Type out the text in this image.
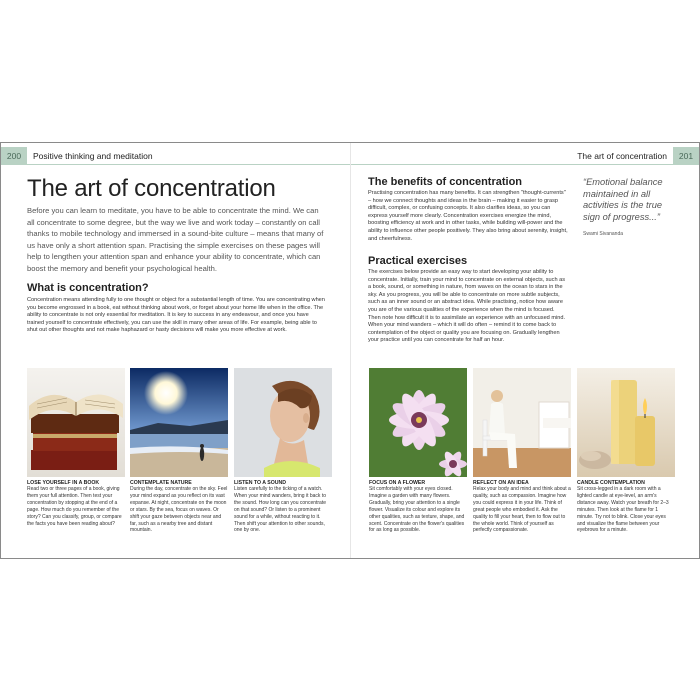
200	Positive thinking and meditation	The art of concentration	201
The art of concentration

Before you can learn to meditate, you have to be able to concentrate the mind. We can all concentrate to some degree, but the way we live and work today – constantly on call thanks to mobile technology and immersed in a sound-bite culture – means that many of us have only a short attention span. Practising the simple exercises on these pages will help to lengthen your attention span and enhance your ability to concentrate, which can boost the memory and benefit your psychological health.

What is concentration?

Concentration means attending fully to one thought or object for a substantial length of time. You are concentrating when you become engrossed in a book, eat without thinking about work, or forget about your home life when in the office. The ability to concentrate is not only essential for meditation. It is key to success in any endeavour, and once you have trained yourself to concentrate effectively, you can use the skill in many other areas of life. For example, being able to shut out other thoughts and not make haphazard or hasty decisions will make you more effective at work.

The benefits of concentration

Practising concentration has many benefits. It can strengthen "thought-currents" – how we connect thoughts and ideas in the brain – making it easier to grasp difficult, complex, or confusing concepts. It also clarifies ideas, so you can express yourself more clearly. Concentration exercises energize the mind, boosting efficiency at work and in other tasks, while building will-power and the ability to influence other people positively. They also bring about serenity, insight, and cheerfulness.

Practical exercises

The exercises below provide an easy way to start developing your ability to concentrate. Initially, train your mind to concentrate on external objects, such as a book, sound, or something in nature, from waves on the ocean to stars in the sky. As you progress, you will be able to concentrate on more subtle subjects, such as an inner sound or an abstract idea. While practising, notice how aware you are of the various qualities of the experience when the mind is focused. Then note how difficult it is to assimilate an experience with an unfocused mind. When your mind wanders – which it will do often – remind it to come back to contemplation of the object or quality you are focusing on. Gradually lengthen your practice until you can concentrate for half an hour.

“Emotional balance maintained in all activities is the true sign of progress...”
Swami Sivananda
LOSE YOURSELF IN A BOOK
Read two or three pages of a book, giving them your full attention. Then test your concentration by stopping at the end of a page. How much do you remember of the story? Can you classify, group, or compare the facts you have been reading about?
CONTEMPLATE NATURE
During the day, concentrate on the sky. Feel your mind expand as you reflect on its vast expanse. At night, concentrate on the moon or stars. By the sea, focus on waves. Or shift your gaze between objects near and far, such as a nearby tree and distant mountain.
LISTEN TO A SOUND
Listen carefully to the ticking of a watch. When your mind wanders, bring it back to the sound. How long can you concentrate on that sound? Or listen to a prominent sound for a while, without reacting to it. Then shift your attention to other sounds, one by one.
FOCUS ON A FLOWER
Sit comfortably with your eyes closed. Imagine a garden with many flowers. Gradually, bring your attention to a single flower. Visualize its colour and explore its other qualities, such as texture, shape, and scent. Concentrate on the flower's qualities for as long as possible.
REFLECT ON AN IDEA
Relax your body and mind and think about a quality, such as compassion. Imagine how you could express it in your life. Think of great people who embodied it. Ask the quality to fill your heart, then to flow out to the whole world. Think of yourself as perfectly compassionate.
CANDLE CONTEMPLATION
Sit cross-legged in a dark room with a lighted candle at eye-level, an arm's distance away. Watch your breath for 2–3 minutes. Then look at the flame for 1 minute. Try not to blink. Close your eyes and visualize the flame between your eyebrows for a minute.
